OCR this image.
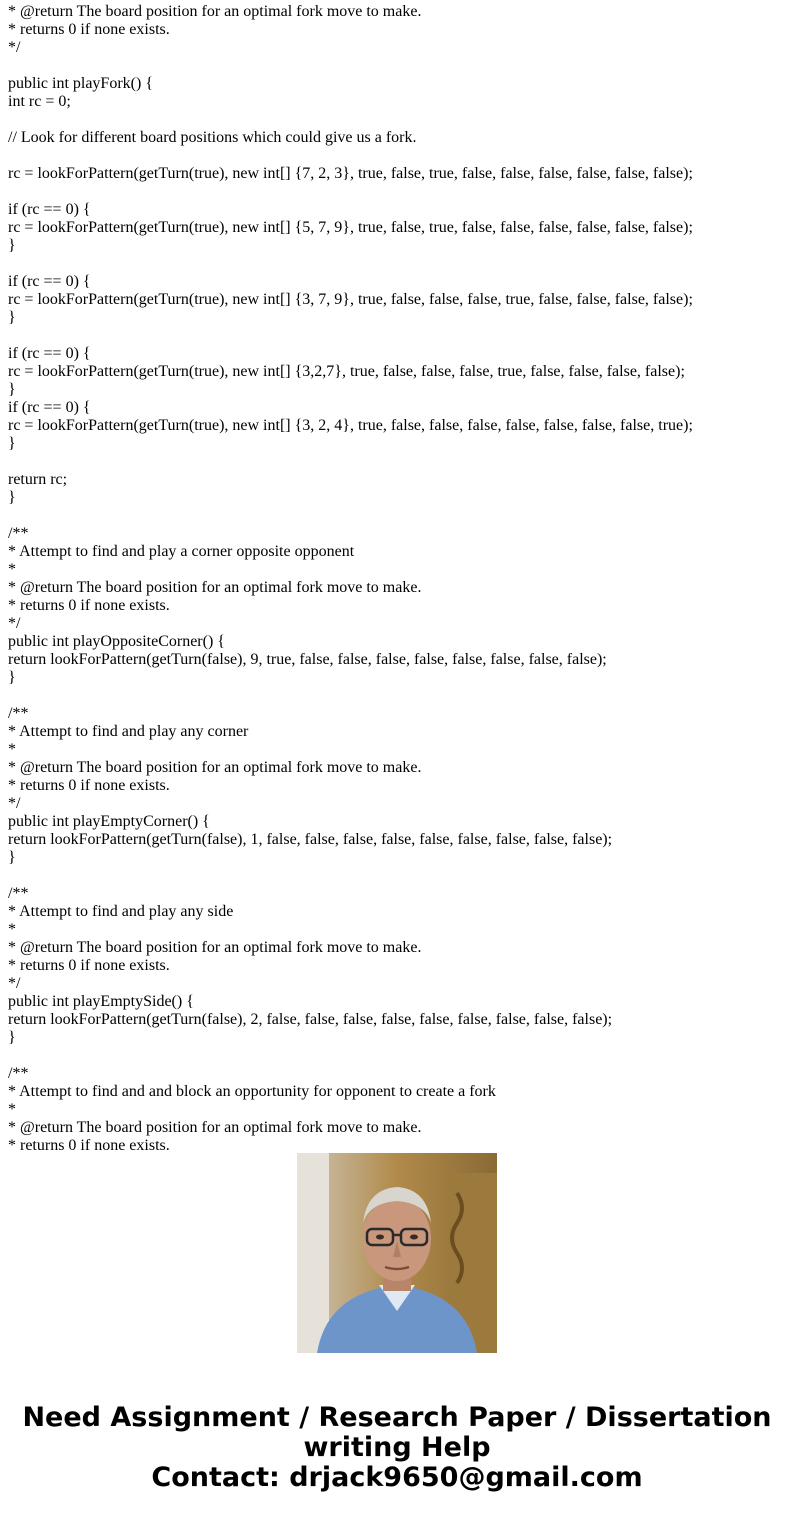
* @return The board position for an optimal fork move to make.
* returns 0 if none exists.
*/
public int playFork() {
int rc = 0;
// Look for different board positions which could give us a fork.
rc = lookForPattern(getTurn(true), new int[] {7, 2, 3}, true, false, true, false, false, false, false, false, false);
if (rc == 0) {
rc = lookForPattern(getTurn(true), new int[] {5, 7, 9}, true, false, true, false, false, false, false, false, false);
}
if (rc == 0) {
rc = lookForPattern(getTurn(true), new int[] {3, 7, 9}, true, false, false, false, true, false, false, false, false);
}
if (rc == 0) {
rc = lookForPattern(getTurn(true), new int[] {3,2,7}, true, false, false, false, true, false, false, false, false);
}
if (rc == 0) {
rc = lookForPattern(getTurn(true), new int[] {3, 2, 4}, true, false, false, false, false, false, false, false, true);
}
return rc;
}
/**
* Attempt to find and play a corner opposite opponent
*
* @return The board position for an optimal fork move to make.
* returns 0 if none exists.
*/
public int playOppositeCorner() {
return lookForPattern(getTurn(false), 9, true, false, false, false, false, false, false, false, false);
}
/**
* Attempt to find and play any corner
*
* @return The board position for an optimal fork move to make.
* returns 0 if none exists.
*/
public int playEmptyCorner() {
return lookForPattern(getTurn(false), 1, false, false, false, false, false, false, false, false, false);
}
/**
* Attempt to find and play any side
*
* @return The board position for an optimal fork move to make.
* returns 0 if none exists.
*/
public int playEmptySide() {
return lookForPattern(getTurn(false), 2, false, false, false, false, false, false, false, false, false);
}
/**
* Attempt to find and and block an opportunity for opponent to create a fork
*
* @return The board position for an optimal fork move to make.
* returns 0 if none exists.
Need Assignment / Research Paper / Dissertation
writing Help
Contact: drjack9650@gmail.com
